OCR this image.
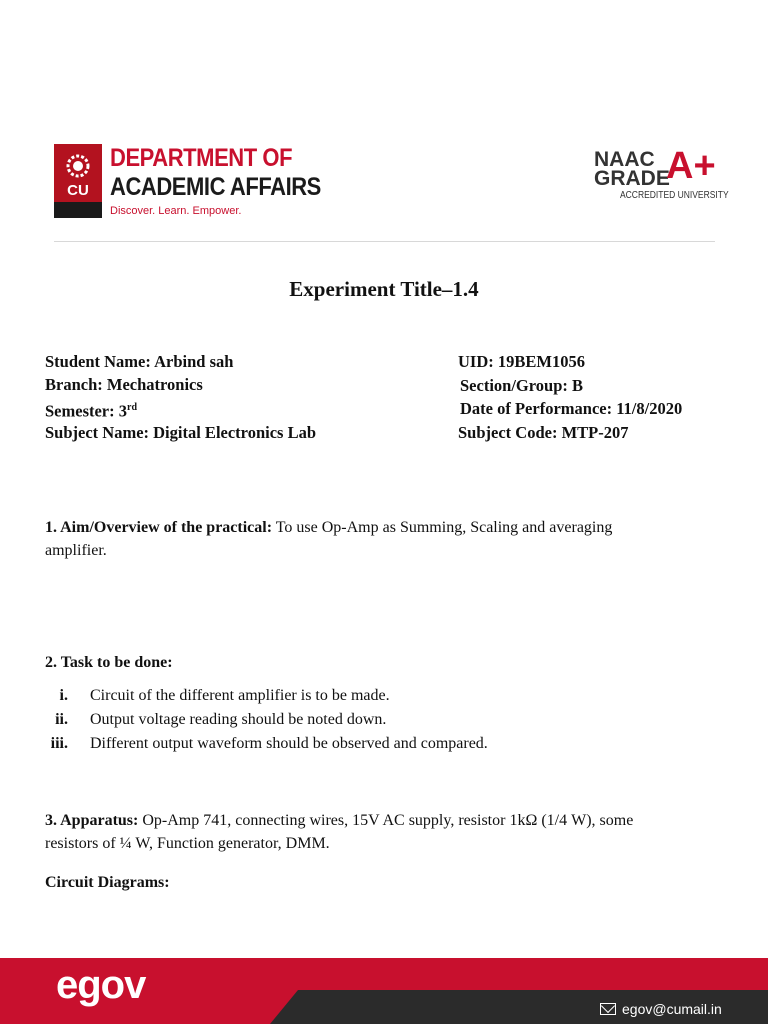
CU
DEPARTMENT OF
ACADEMIC AFFAIRS
Discover. Learn. Empower.
NAAC
GRADE
A+
ACCREDITED UNIVERSITY
Experiment Title–1.4
Student Name: Arbind sah	UID: 19BEM1056
Branch: Mechatronics	Section/Group: B
Semester: 3rd	Date of Performance: 11/8/2020
Subject Name: Digital Electronics Lab	Subject Code: MTP-207
1. Aim/Overview of the practical: To use Op-Amp as Summing, Scaling and averaging
amplifier.
2. Task to be done:
i. Circuit of the different amplifier is to be made.
ii. Output voltage reading should be noted down.
iii. Different output waveform should be observed and compared.
3. Apparatus: Op-Amp 741, connecting wires, 15V AC supply, resistor 1kΩ (1/4 W), some
resistors of ¼ W, Function generator, DMM.
Circuit Diagrams:
egov
egov@cumail.in
